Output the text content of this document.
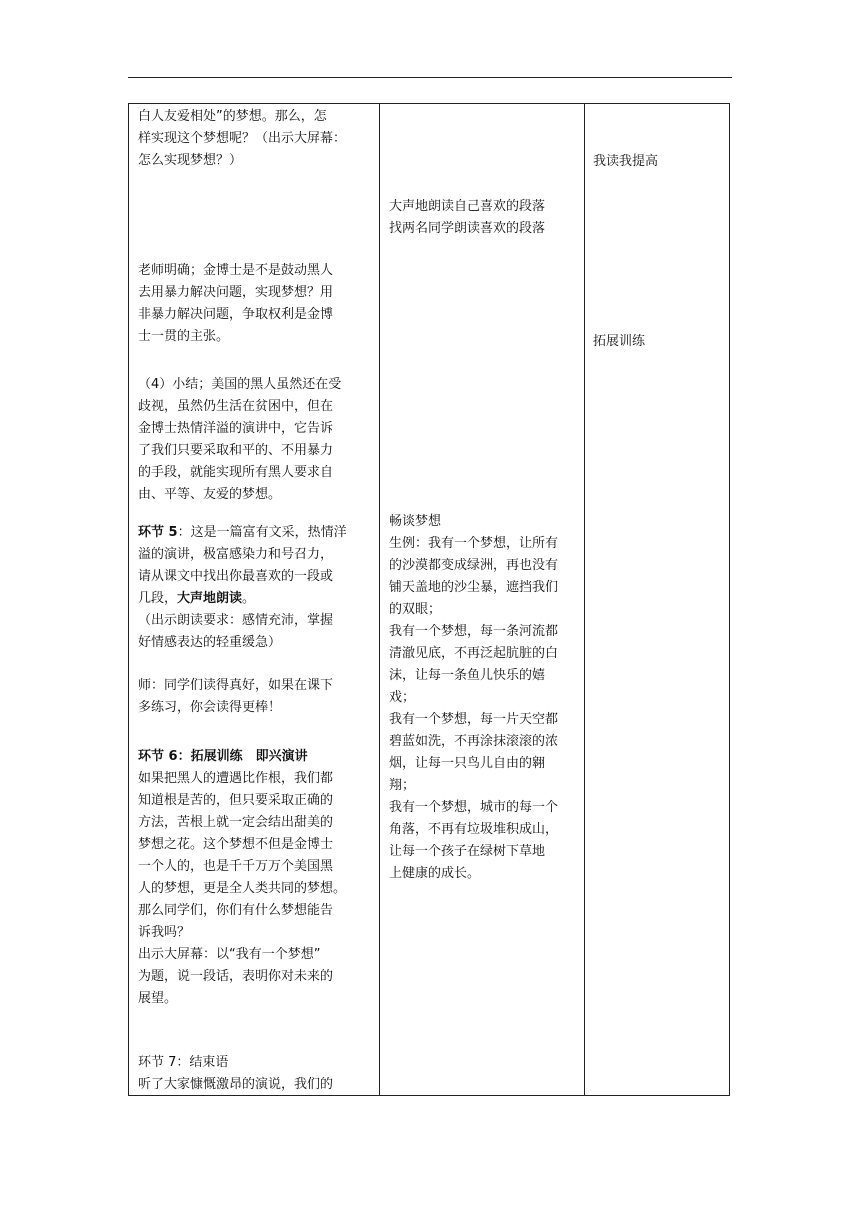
白人友爱相处”的梦想。那么，怎
样实现这个梦想呢？（出示大屏幕：
怎么实现梦想？）

老师明确；金博士是不是鼓动黑人
去用暴力解决问题，实现梦想？用
非暴力解决问题，争取权利是金博
士一贯的主张。

（4）小结；美国的黑人虽然还在受
歧视，虽然仍生活在贫困中，但在
金博士热情洋溢的演讲中，它告诉
了我们只要采取和平的、不用暴力
的手段，就能实现所有黑人要求自
由、平等、友爱的梦想。

环节 5：这是一篇富有文采，热情洋
溢的演讲，极富感染力和号召力，
请从课文中找出你最喜欢的一段或
几段，大声地朗读。
（出示朗读要求：感情充沛，掌握
好情感表达的轻重缓急）

师：同学们读得真好，如果在课下
多练习，你会读得更棒！

环节 6：拓展训练　即兴演讲
如果把黑人的遭遇比作根，我们都
知道根是苦的，但只要采取正确的
方法，苦根上就一定会结出甜美的
梦想之花。这个梦想不但是金博士
一个人的，也是千千万万个美国黑
人的梦想，更是全人类共同的梦想。
那么同学们，你们有什么梦想能告
诉我吗？
出示大屏幕：以“我有一个梦想”
为题，说一段话，表明你对未来的
展望。

环节 7：结束语
听了大家慷慨激昂的演说，我们的

大声地朗读自己喜欢的段落
找两名同学朗读喜欢的段落

畅谈梦想
生例：我有一个梦想，让所有
的沙漠都变成绿洲，再也没有
铺天盖地的沙尘暴，遮挡我们
的双眼；
我有一个梦想，每一条河流都
清澈见底，不再泛起肮脏的白
沫，让每一条鱼儿快乐的嬉
戏；
我有一个梦想，每一片天空都
碧蓝如洗，不再涂抹滚滚的浓
烟，让每一只鸟儿自由的翱
翔；
我有一个梦想，城市的每一个
角落，不再有垃圾堆积成山，
让每一个孩子在绿树下草地
上健康的成长。

我读我提高

拓展训练
